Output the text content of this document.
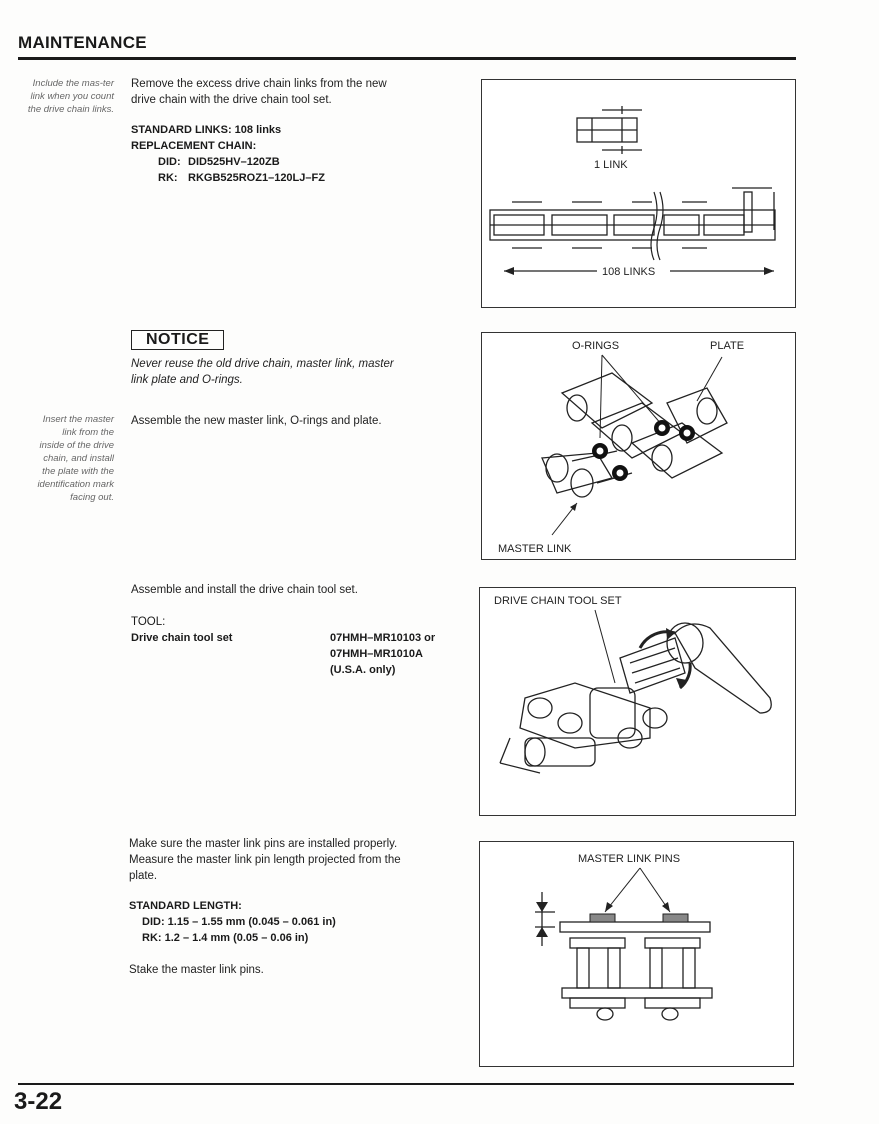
MAINTENANCE
Include the mas-ter link when you count the drive chain links.
Remove the excess drive chain links from the new
drive chain with the drive chain tool set.
STANDARD LINKS: 108 links
REPLACEMENT CHAIN:
DID: DID525HV–120ZB
RK: RKGB525ROZ1–120LJ–FZ
1 LINK
108 LINKS
NOTICE
Never reuse the old drive chain, master link, master
link plate and O-rings.
Insert the master
link from the
inside of the drive
chain, and install
the plate with the
identification mark
facing out.
Assemble the new master link, O-rings and plate.
O-RINGS	PLATE
MASTER LINK
Assemble and install the drive chain tool set.
TOOL:
Drive chain tool set	07HMH–MR10103 or
07HMH–MR1010A
(U.S.A. only)
DRIVE CHAIN TOOL SET
Make sure the master link pins are installed properly.
Measure the master link pin length projected from the
plate.
STANDARD LENGTH:
DID: 1.15 – 1.55 mm (0.045 – 0.061 in)
RK: 1.2 – 1.4 mm (0.05 – 0.06 in)
Stake the master link pins.
MASTER LINK PINS
3-22
